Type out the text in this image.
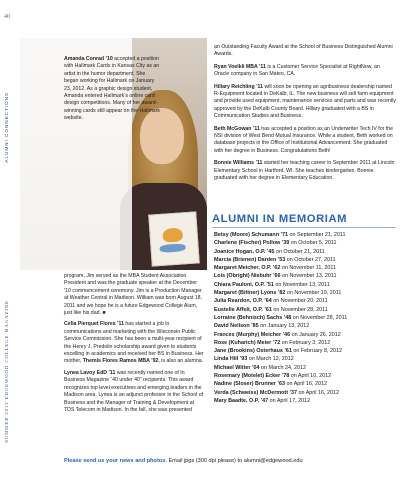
40
ALUMNI CONNECTIONS
SUMMER 2012 EDGEWOOD COLLEGE MAGAZINE
Amanda Conrad ’10 accepted a position with Hallmark Cards in Kansas City as an artist in the humor department. She began working for Hallmark on January 23, 2012. As a graphic design student, Amanda entered Hallmark’s online card design competitions. Many of her award-winning cards still appear on the Hallmark website.

program, Jim served as the MBA Student Association President and was the graduate speaker at the December ’10 commencement ceremony. Jim is a Production Manager at Weather Central in Madison. William was born August 18, 2011 and we hope he is a future Edgewood College Alum, just like his dad. ■

Celia Pierquet Flores ’11 has started a job in communications and marketing with the Wisconsin Public Service Commission. She has been a multi-year recipient of the Henry J. Predolin scholarship award given to students excelling in academics and received her BS in Business. Her mother, Themis Flores Ramos MBA ’92, is also an alumna.

Lynea Lavoy EdD ’11 was recently named one of In Business Magazine “40 under 40” recipients. This award recognizes top level executives and emerging leaders in the Madison area. Lynea is an adjunct professor in the School of Business and the Manager of Training & Development at TDS Telecom in Madison. In the fall, she was presented

an Outstanding Faculty Award at the School of Business Distinguished Alumni Awards.

Ryan Voelkli MBA ’11 is a Customer Service Specialist at RightNow, an Oracle company in San Mateo, CA.

Hillary Reichling ’11 will soon be opening an agribusiness dealership named R-Equipment located in DeKalb, IL. The new business will sell farm equipment and provide used equipment, maintenance services and parts and was recently approved by the DeKalb County Board. Hillary graduated with a BS in Communication Studies and Business.

Beth McGowan ’11 has accepted a position as an Underwriter Tech IV for the NSI division of West Bend Mutual Insurance. While a student, Beth worked on database projects in the Office of Institutional Advancement. She graduated with her degree in Business. Congratulations Beth!

Bonnie Williams ’11 started her teaching career in September 2011 at Lincoln Elementary School in Hartford, WI. She teaches kindergarten. Bonnie graduated with her degree in Elementary Education.

ALUMNI IN MEMORIAM
Betsy (Moore) Schumann ’71 on September 21, 2011
Charlene (Fischer) Pollow ’39 on October 5, 2011
Joanice Hogan, O.P. ’45 on October 21, 2011
Marcia (Brienen) Darden ’53 on October 27, 2011
Margaret Meicher, O.P. ’62 on November 11, 2011
Lois (Obright) Niebuhr ’66 on November 13, 2011
Chiara Pauloni, O.P. ’51 on November 13, 2011
Margaret (Bittner) Lyons ’82 on November 19, 2011
Julia Reardon, O.P. ’64 on November 20, 2011
Eustelle Affelt, O.P. ’61 on November 28, 2011
Lorraine (Behnisch) Sachs ’48 on November 28, 2011
David Neilson ’85 on January 13, 2012
Frances (Murphy) Meicher ’46 on January 26, 2012
Rose (Kuharich) Meier ’72 on February 3, 2012
Jane (Brookins) Osterhaus ’61 on February 8, 2012
Linda Hill ’93 on March 12, 2012
Michael Witter ’04 on March 24, 2012
Rosemary (Motelet) Ecker ’78 on April 10, 2012
Nadine (Sloser) Brunner ’63 on April 16, 2012
Verda (Schweiss) McDermott ’37 on April 16, 2012
Mary Baadte, O.P. ’47 on April 17, 2012
Please send us your news and photos. Email jpgs (300 dpi please) to alumni@edgewood.edu
